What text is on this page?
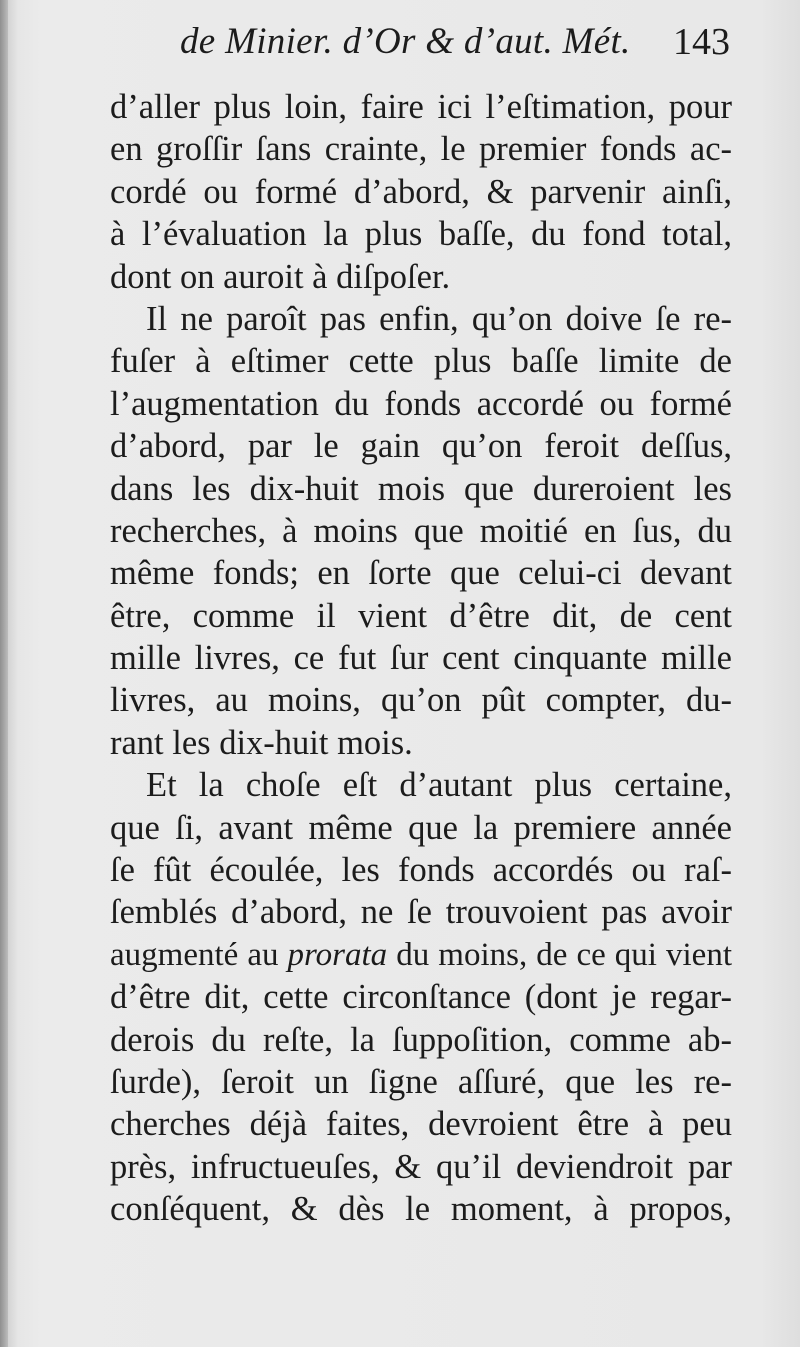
de Minier. d’Or & d’aut. Mét. 143
d’aller plus loin, faire ici l’eſtimation, pour
en groſſir ſans crainte, le premier fonds ac-
cordé ou formé d’abord, & parvenir ainſi,
à l’évaluation la plus baſſe, du fond total,
dont on auroit à diſpoſer.
Il ne paroît pas enfin, qu’on doive ſe re-
fuſer à eſtimer cette plus baſſe limite de
l’augmentation du fonds accordé ou formé
d’abord, par le gain qu’on feroit deſſus,
dans les dix-huit mois que dureroient les
recherches, à moins que moitié en ſus, du
même fonds; en ſorte que celui-ci devant
être, comme il vient d’être dit, de cent
mille livres, ce fut ſur cent cinquante mille
livres, au moins, qu’on pût compter, du-
rant les dix-huit mois.
Et la choſe eſt d’autant plus certaine,
que ſi, avant même que la premiere année
ſe fût écoulée, les fonds accordés ou raſ-
ſemblés d’abord, ne ſe trouvoient pas avoir
augmenté au prorata du moins, de ce qui vient
d’être dit, cette circonſtance (dont je regar-
derois du reſte, la ſuppoſition, comme ab-
ſurde), ſeroit un ſigne aſſuré, que les re-
cherches déjà faites, devroient être à peu
près, infructueuſes, & qu’il deviendroit par
conſéquent, & dès le moment, à propos,
